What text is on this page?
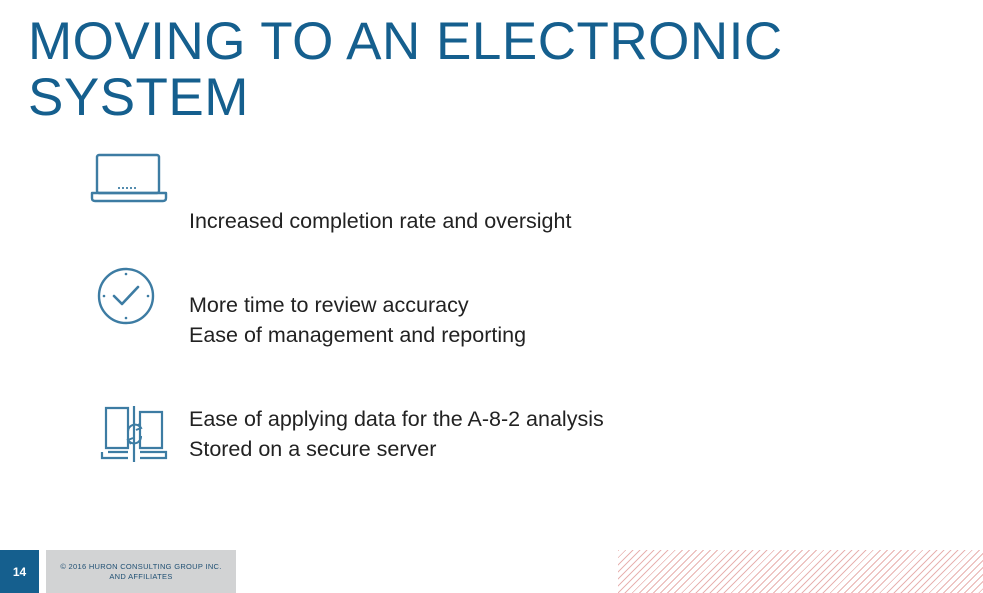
MOVING TO AN ELECTRONIC
SYSTEM
Increased completion rate and oversight
More time to review accuracy
Ease of management and reporting
Ease of applying data for the A-8-2 analysis
Stored on a secure server
14	© 2016 HURON CONSULTING GROUP INC.
AND AFFILIATES
